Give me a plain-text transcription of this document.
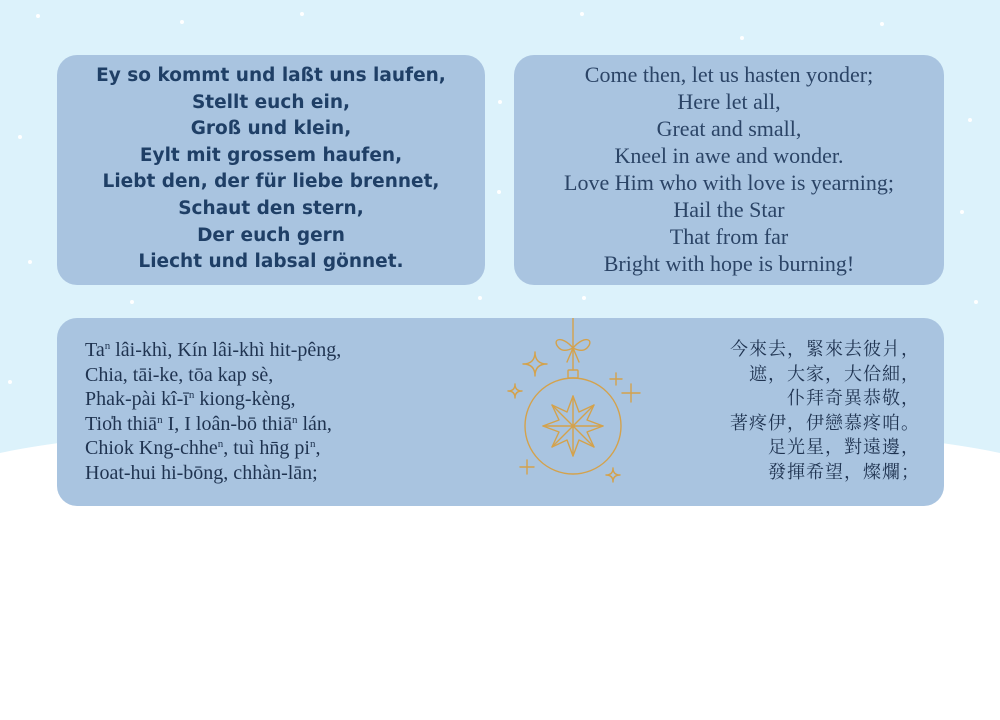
Ey so kommt und laßt uns laufen,
Stellt euch ein,
Groß und klein,
Eylt mit grossem haufen,
Liebt den, der für liebe brennet,
Schaut den stern,
Der euch gern
Liecht und labsal gönnet.
Come then, let us hasten yonder;
Here let all,
Great and small,
Kneel in awe and wonder.
Love Him who with love is yearning;
Hail the Star
That from far
Bright with hope is burning!
Ta$^n$ lâi-khì, Kín lâi-khì hit-pêng,
Chia, tāi-ke, tōa kap sè,
Phak-pài $kî-ī^n$ kiong-kèng,
Tio̍h thiā$^n$ I, I loân-bō thiā$^n$ lán,
Chiok Kng-chhe$^n$, tuì hn̄g $pi^n$,
Hoat-hui hi-bōng, chhàn-lān;
今來去，緊來去彼爿，
遮，大家，大佮細，
仆拜奇異恭敬，
著疼伊，伊戀慕疼咱。
足光星，對遠邊，
發揮希望，燦爛；
